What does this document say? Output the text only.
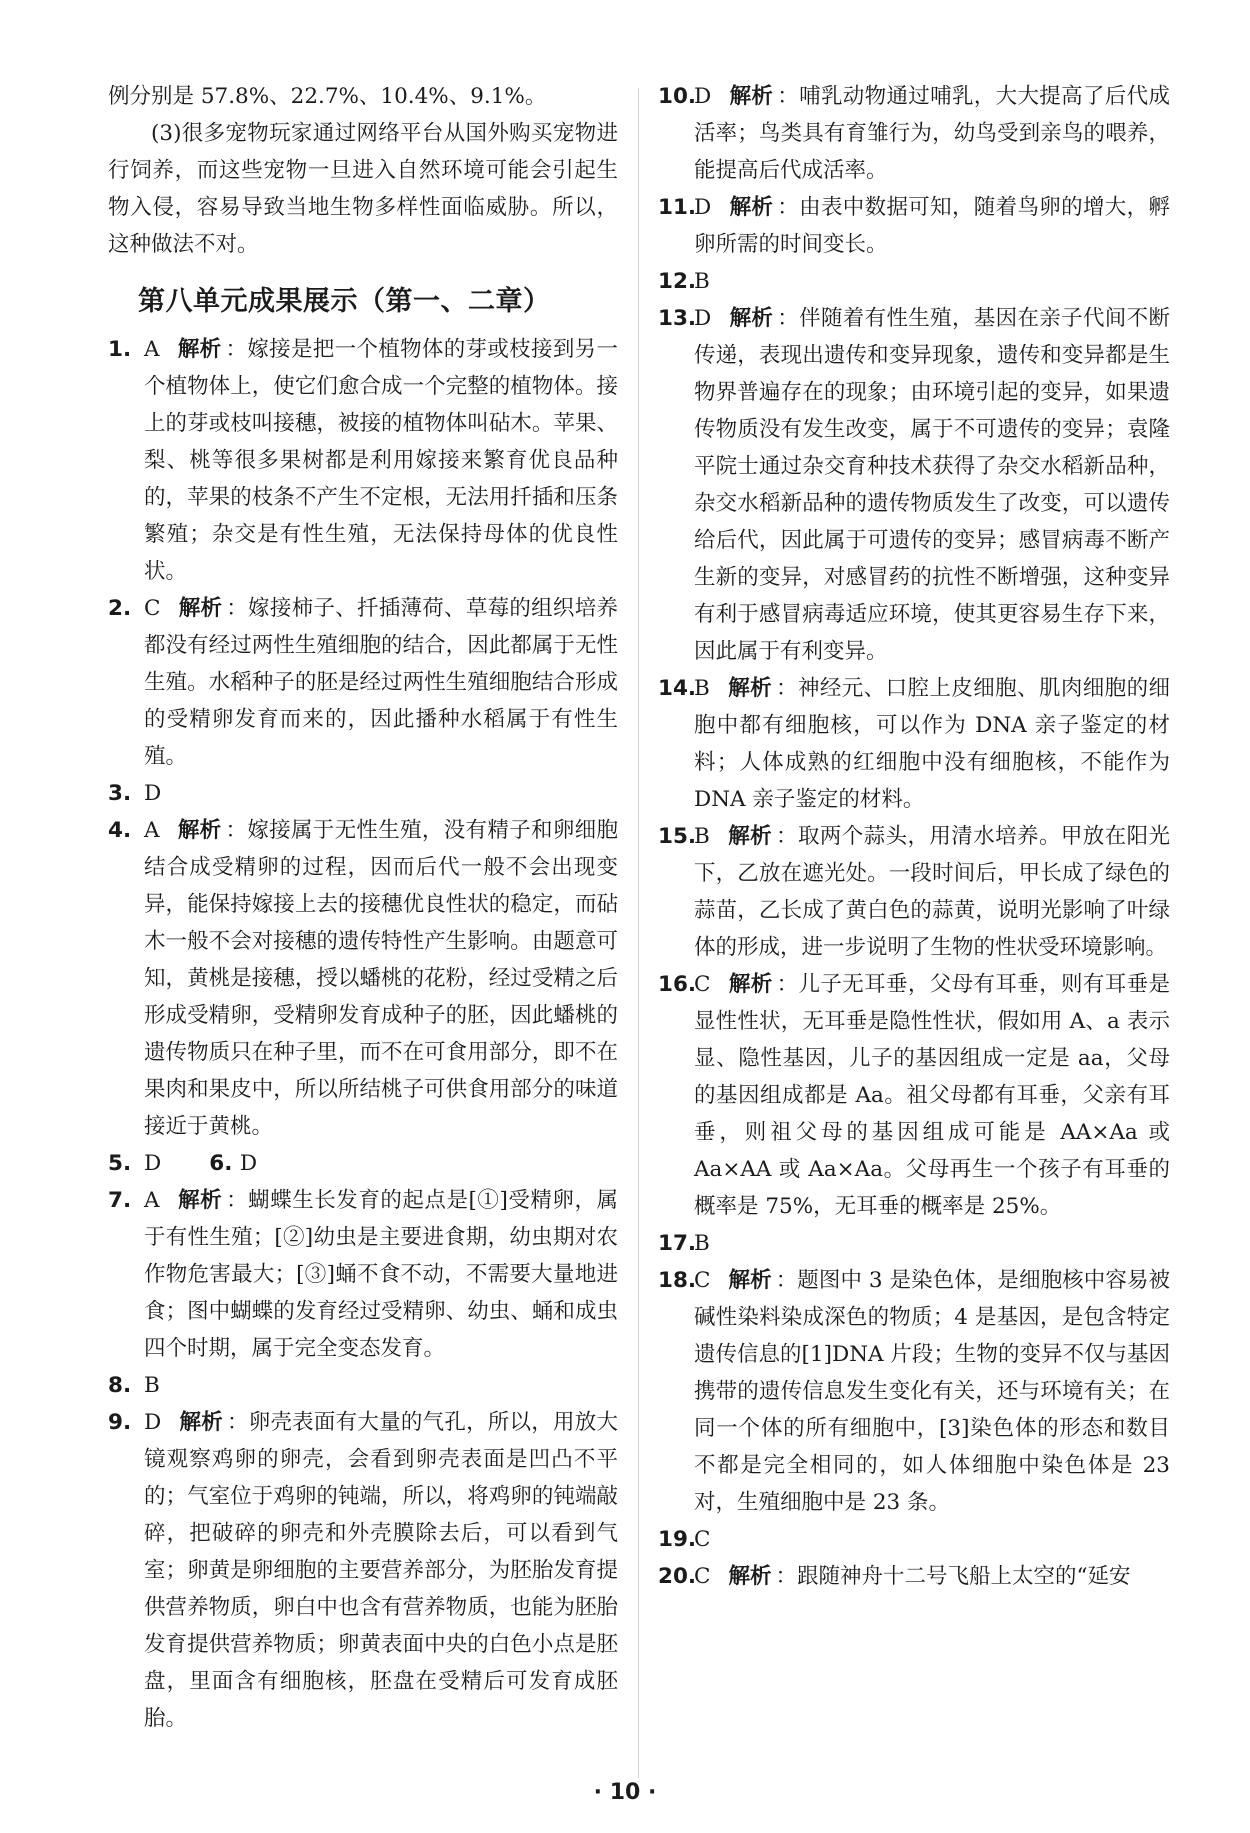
例分别是 57.8%、22.7%、10.4%、9.1%。

(3)很多宠物玩家通过网络平台从国外购买宠物进行饲养，而这些宠物一旦进入自然环境可能会引起生物入侵，容易导致当地生物多样性面临威胁。所以，这种做法不对。

第八单元成果展示（第一、二章）

1. A 解析 ：嫁接是把一个植物体的芽或枝接到另一个植物体上，使它们愈合成一个完整的植物体。接上的芽或枝叫接穗，被接的植物体叫砧木。苹果、梨、桃等很多果树都是利用嫁接来繁育优良品种的，苹果的枝条不产生不定根，无法用扦插和压条繁殖；杂交是有性生殖，无法保持母体的优良性状。

2. C 解析 ：嫁接柿子、扦插薄荷、草莓的组织培养都没有经过两性生殖细胞的结合，因此都属于无性生殖。水稻种子的胚是经过两性生殖细胞结合形成的受精卵发育而来的，因此播种水稻属于有性生殖。

3. D

4. A 解析 ：嫁接属于无性生殖，没有精子和卵细胞结合成受精卵的过程，因而后代一般不会出现变异，能保持嫁接上去的接穗优良性状的稳定，而砧木一般不会对接穗的遗传特性产生影响。由题意可知，黄桃是接穗，授以蟠桃的花粉，经过受精之后形成受精卵，受精卵发育成种子的胚，因此蟠桃的遗传物质只在种子里，而不在可食用部分，即不在果肉和果皮中，所以所结桃子可供食用部分的味道接近于黄桃。

5. D 6. D

7. A 解析 ：蝴蝶生长发育的起点是[①]受精卵，属于有性生殖；[②]幼虫是主要进食期，幼虫期对农作物危害最大；[③]蛹不食不动，不需要大量地进食；图中蝴蝶的发育经过受精卵、幼虫、蛹和成虫四个时期，属于完全变态发育。

8. B

9. D 解析 ：卵壳表面有大量的气孔，所以，用放大镜观察鸡卵的卵壳，会看到卵壳表面是凹凸不平的；气室位于鸡卵的钝端，所以，将鸡卵的钝端敲碎，把破碎的卵壳和外壳膜除去后，可以看到气室；卵黄是卵细胞的主要营养部分，为胚胎发育提供营养物质，卵白中也含有营养物质，也能为胚胎发育提供营养物质；卵黄表面中央的白色小点是胚盘，里面含有细胞核，胚盘在受精后可发育成胚胎。

10.
D 解析 ：哺乳动物通过哺乳，大大提高了后代成活率；鸟类具有育雏行为，幼鸟受到亲鸟的喂养，能提高后代成活率。

11.
D 解析 ：由表中数据可知，随着鸟卵的增大，孵卵所需的时间变长。

12.
B

13.
D 解析 ：伴随着有性生殖，基因在亲子代间不断传递，表现出遗传和变异现象，遗传和变异都是生物界普遍存在的现象；由环境引起的变异，如果遗传物质没有发生改变，属于不可遗传的变异；袁隆平院士通过杂交育种技术获得了杂交水稻新品种，杂交水稻新品种的遗传物质发生了改变，可以遗传给后代，因此属于可遗传的变异；感冒病毒不断产生新的变异，对感冒药的抗性不断增强，这种变异有利于感冒病毒适应环境，使其更容易生存下来，因此属于有利变异。

14.
B 解析 ：神经元、口腔上皮细胞、肌肉细胞的细胞中都有细胞核，可以作为 DNA 亲子鉴定的材料；人体成熟的红细胞中没有细胞核，不能作为 DNA 亲子鉴定的材料。

15.
B 解析 ：取两个蒜头，用清水培养。甲放在阳光下，乙放在遮光处。一段时间后，甲长成了绿色的蒜苗，乙长成了黄白色的蒜黄，说明光影响了叶绿体的形成，进一步说明了生物的性状受环境影响。

16.
C 解析 ：儿子无耳垂，父母有耳垂，则有耳垂是显性性状，无耳垂是隐性性状，假如用 A、a 表示显、隐性基因，儿子的基因组成一定是 aa，父母的基因组成都是 Aa。祖父母都有耳垂，父亲有耳垂，则祖父母的基因组成可能是 AA×Aa 或 Aa×AA 或 Aa×Aa。父母再生一个孩子有耳垂的概率是 75%，无耳垂的概率是 25%。

17.
B

18.
C 解析 ：题图中 3 是染色体，是细胞核中容易被碱性染料染成深色的物质；4 是基因，是包含特定遗传信息的[1]DNA 片段；生物的变异不仅与基因携带的遗传信息发生变化有关，还与环境有关；在同一个体的所有细胞中，[3]染色体的形态和数目不都是完全相同的，如人体细胞中染色体是 23 对，生殖细胞中是 23 条。

19.
C

20.
C 解析 ：跟随神舟十二号飞船上太空的“延安

· 10 ·
